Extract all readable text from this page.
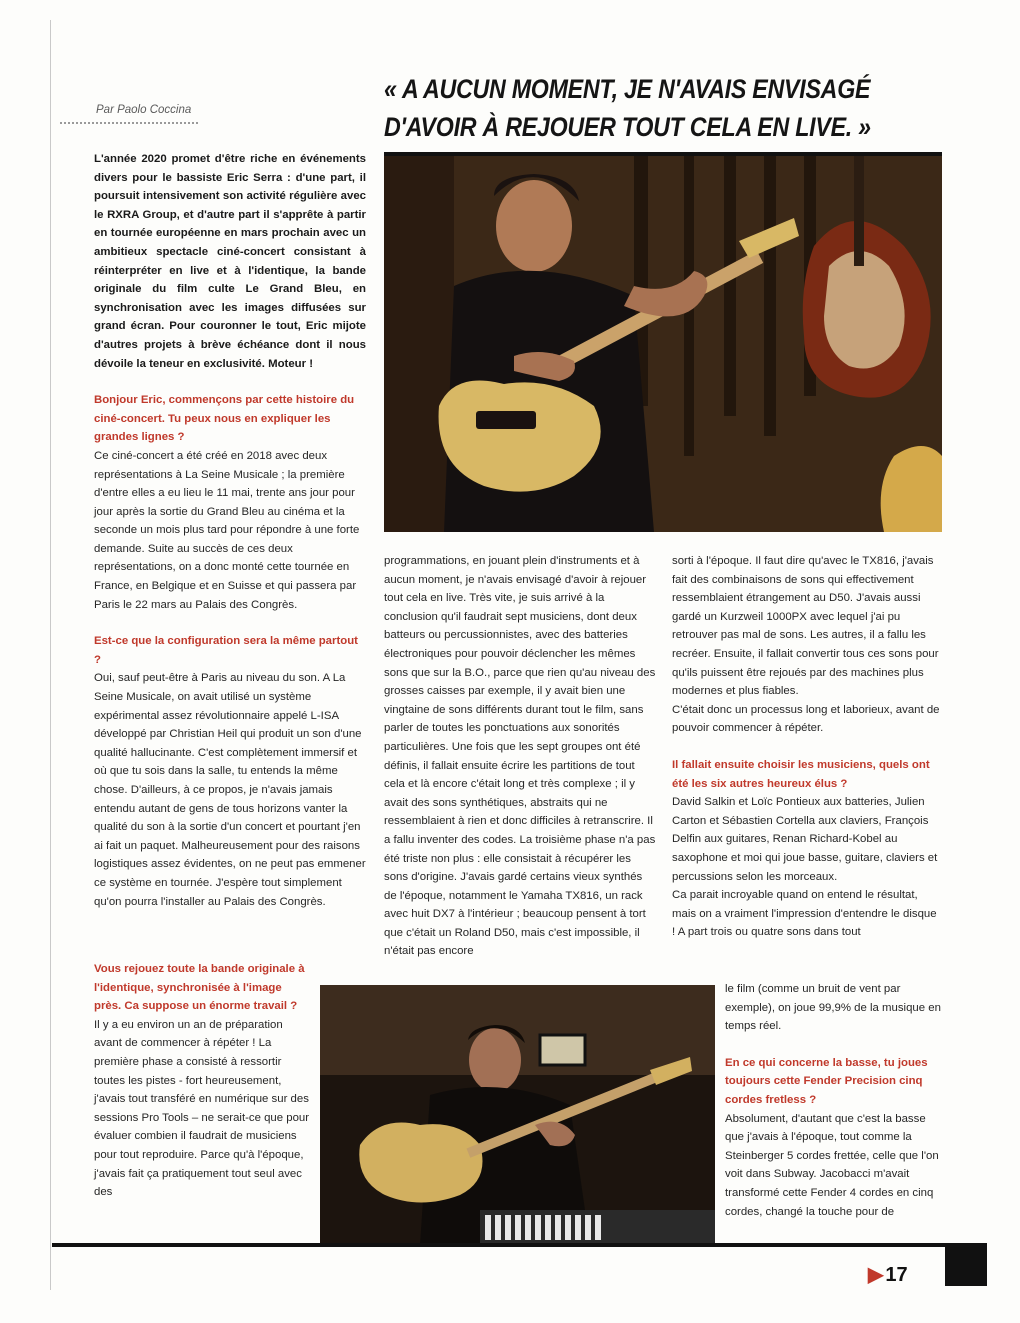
Par Paolo Coccina
« A AUCUN MOMENT, JE N'AVAIS ENVISAGÉ D'AVOIR À REJOUER TOUT CELA EN LIVE. »

L'année 2020 promet d'être riche en événements divers pour le bassiste Eric Serra : d'une part, il poursuit intensivement son activité régulière avec le RXRA Group, et d'autre part il s'apprête à partir en tournée européenne en mars prochain avec un ambitieux spectacle ciné-concert consistant à réinterpréter en live et à l'identique, la bande originale du film culte Le Grand Bleu, en synchronisation avec les images diffusées sur grand écran. Pour couronner le tout, Eric mijote d'autres projets à brève échéance dont il nous dévoile la teneur en exclusivité. Moteur !

Bonjour Eric, commençons par cette histoire du ciné-concert. Tu peux nous en expliquer les grandes lignes ?

Ce ciné-concert a été créé en 2018 avec deux représentations à La Seine Musicale ; la première d'entre elles a eu lieu le 11 mai, trente ans jour pour jour après la sortie du Grand Bleu au cinéma et la seconde un mois plus tard pour répondre à une forte demande. Suite au succès de ces deux représentations, on a donc monté cette tournée en France, en Belgique et en Suisse et qui passera par Paris le 22 mars au Palais des Congrès.

Est-ce que la configuration sera la même partout ?

Oui, sauf peut-être à Paris au niveau du son. A La Seine Musicale, on avait utilisé un système expérimental assez révolutionnaire appelé L-ISA développé par Christian Heil qui produit un son d'une qualité hallucinante. C'est complètement immersif et où que tu sois dans la salle, tu entends la même chose. D'ailleurs, à ce propos, je n'avais jamais entendu autant de gens de tous horizons vanter la qualité du son à la sortie d'un concert et pourtant j'en ai fait un paquet. Malheureusement pour des raisons logistiques assez évidentes, on ne peut pas emmener ce système en tournée. J'espère tout simplement qu'on pourra l'installer au Palais des Congrès.

Vous rejouez toute la bande originale à l'identique, synchronisée à l'image près. Ca suppose un énorme travail ?

Il y a eu environ un an de préparation avant de commencer à répéter ! La première phase a consisté à ressortir toutes les pistes - fort heureusement, j'avais tout transféré en numérique sur des sessions Pro Tools – ne serait-ce que pour évaluer combien il faudrait de musiciens pour tout reproduire. Parce qu'à l'époque, j'avais fait ça pratiquement tout seul avec des

programmations, en jouant plein d'instruments et à aucun moment, je n'avais envisagé d'avoir à rejouer tout cela en live. Très vite, je suis arrivé à la conclusion qu'il faudrait sept musiciens, dont deux batteurs ou percussionnistes, avec des batteries électroniques pour pouvoir déclencher les mêmes sons que sur la B.O., parce que rien qu'au niveau des grosses caisses par exemple, il y avait bien une vingtaine de sons différents durant tout le film, sans parler de toutes les ponctuations aux sonorités particulières. Une fois que les sept groupes ont été définis, il fallait ensuite écrire les partitions de tout cela et là encore c'était long et très complexe ; il y avait des sons synthétiques, abstraits qui ne ressemblaient à rien et donc difficiles à retranscrire. Il a fallu inventer des codes. La troisième phase n'a pas été triste non plus : elle consistait à récupérer les sons d'origine. J'avais gardé certains vieux synthés de l'époque, notamment le Yamaha TX816, un rack avec huit DX7 à l'intérieur ; beaucoup pensent à tort que c'était un Roland D50, mais c'est impossible, il n'était pas encore

sorti à l'époque. Il faut dire qu'avec le TX816, j'avais fait des combinaisons de sons qui effectivement ressemblaient étrangement au D50. J'avais aussi gardé un Kurzweil 1000PX avec lequel j'ai pu retrouver pas mal de sons. Les autres, il a fallu les recréer. Ensuite, il fallait convertir tous ces sons pour qu'ils puissent être rejoués par des machines plus modernes et plus fiables.

C'était donc un processus long et laborieux, avant de pouvoir commencer à répéter.

Il fallait ensuite choisir les musiciens, quels ont été les six autres heureux élus ?

David Salkin et Loïc Pontieux aux batteries, Julien Carton et Sébastien Cortella aux claviers, François Delfin aux guitares, Renan Richard-Kobel au saxophone et moi qui joue basse, guitare, claviers et percussions selon les morceaux.

Ca parait incroyable quand on entend le résultat, mais on a vraiment l'impression d'entendre le disque ! A part trois ou quatre sons dans tout

le film (comme un bruit de vent par exemple), on joue 99,9% de la musique en temps réel.

En ce qui concerne la basse, tu joues toujours cette Fender Precision cinq cordes fretless ?

Absolument, d'autant que c'est la basse que j'avais à l'époque, tout comme la Steinberger 5 cordes frettée, celle que l'on voit dans Subway. Jacobacci m'avait transformé cette Fender 4 cordes en cinq cordes, changé la touche pour de

▶ 17
